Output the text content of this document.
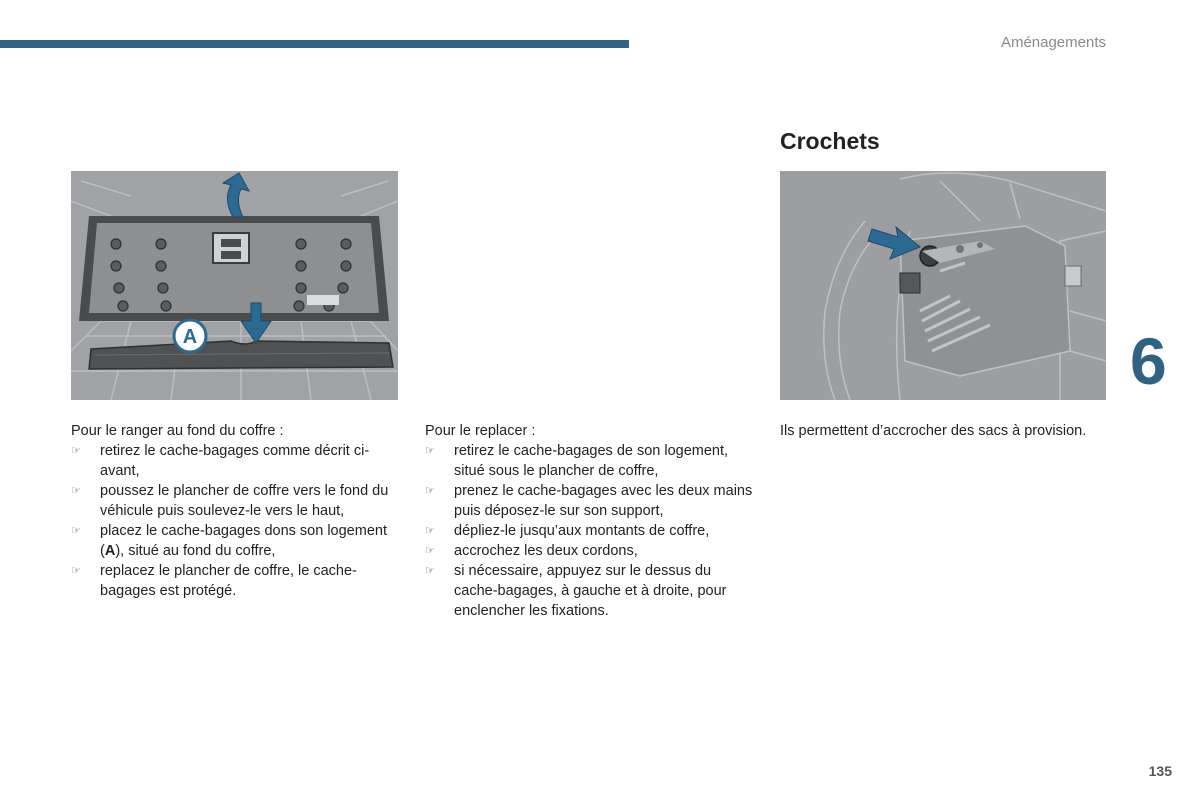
Aménagements
6
A
Crochets

Pour le ranger au fond du coffre :

☞ retirez le cache-bagages comme décrit ci-avant,
☞ poussez le plancher de coffre vers le fond du véhicule puis soulevez-le vers le haut,
☞ placez le cache-bagages dons son logement (A), situé au fond du coffre,
☞ replacez le plancher de coffre, le cache-bagages est protégé.

Pour le replacer :

☞ retirez le cache-bagages de son logement, situé sous le plancher de coffre,
☞ prenez le cache-bagages avec les deux mains puis déposez-le sur son support,
☞ dépliez-le jusqu’aux montants de coffre,
☞ accrochez les deux cordons,
☞ si nécessaire, appuyez sur le dessus du cache-bagages, à gauche et à droite, pour enclencher les fixations.

Ils permettent d’accrocher des sacs à provision.

135
